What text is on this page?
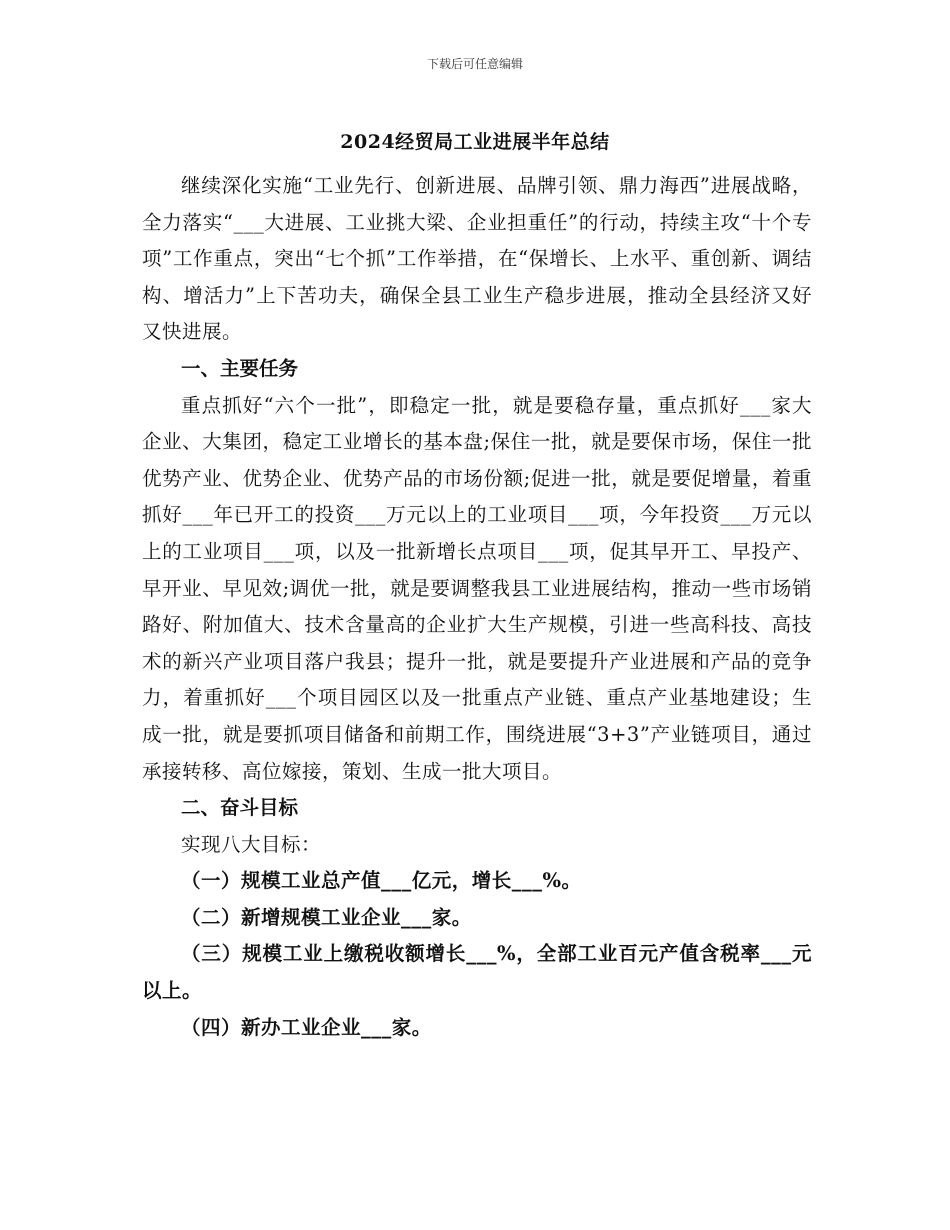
下载后可任意编辑
2024经贸局工业进展半年总结

继续深化实施“工业先行、创新进展、品牌引领、鼎力海西”进展战略，全力落实“___大进展、工业挑大梁、企业担重任”的行动，持续主攻“十个专项”工作重点，突出“七个抓”工作举措，在“保增长、上水平、重创新、调结构、增活力”上下苦功夫，确保全县工业生产稳步进展，推动全县经济又好又快进展。

一、主要任务

重点抓好“六个一批”，即稳定一批，就是要稳存量，重点抓好___家大企业、大集团，稳定工业增长的基本盘;保住一批，就是要保市场，保住一批优势产业、优势企业、优势产品的市场份额;促进一批，就是要促增量，着重抓好___年已开工的投资___万元以上的工业项目___项，今年投资___万元以上的工业项目___项，以及一批新增长点项目___项，促其早开工、早投产、早开业、早见效;调优一批，就是要调整我县工业进展结构，推动一些市场销路好、附加值大、技术含量高的企业扩大生产规模，引进一些高科技、高技术的新兴产业项目落户我县；提升一批，就是要提升产业进展和产品的竞争力，着重抓好___个项目园区以及一批重点产业链、重点产业基地建设；生成一批，就是要抓项目储备和前期工作，围绕进展“3+3”产业链项目，通过承接转移、高位嫁接，策划、生成一批大项目。

二、奋斗目标

实现八大目标：

（一）规模工业总产值___亿元，增长___%。

（二）新增规模工业企业___家。

（三）规模工业上缴税收额增长___%，全部工业百元产值含税率___元以上。

（四）新办工业企业___家。
